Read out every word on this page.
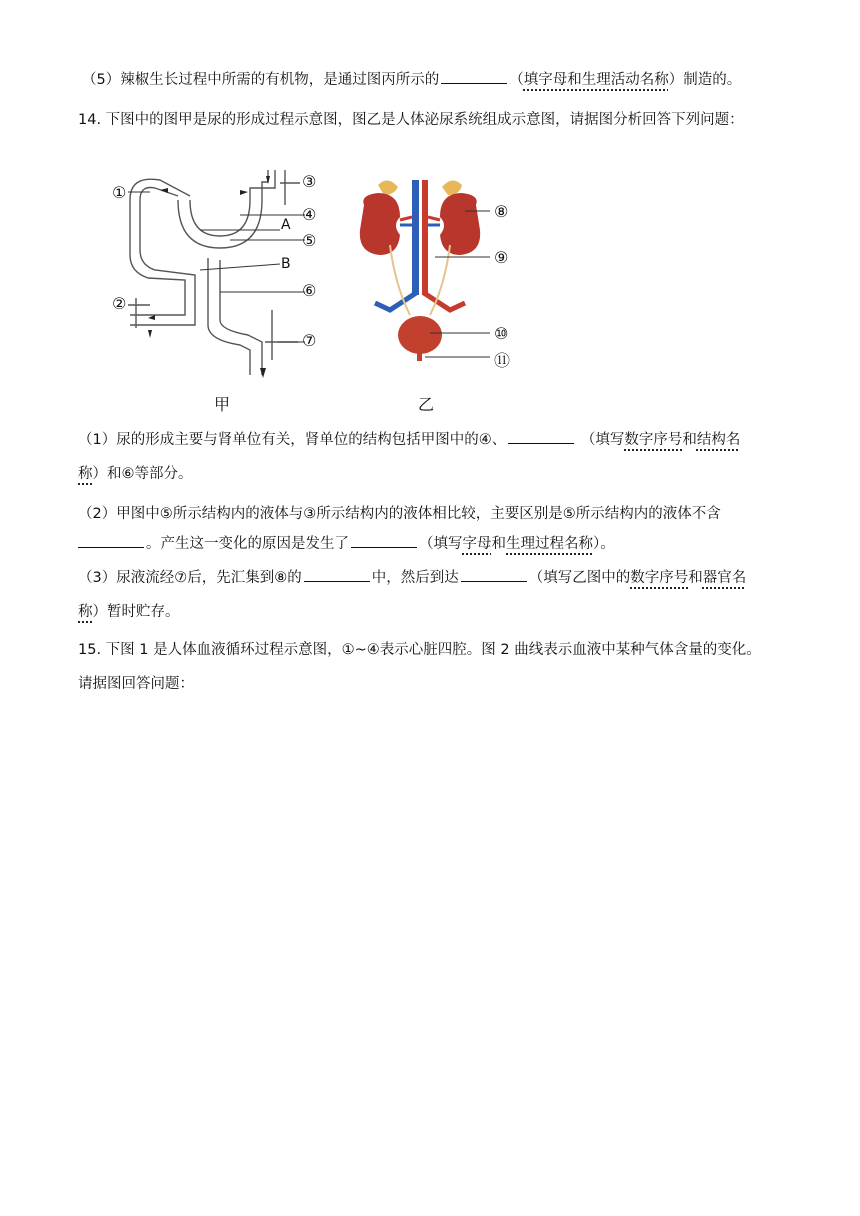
（5）辣椒生长过程中所需的有机物，是通过图丙所示的	（填字母和生理活动名称）制造的。
14. 下图中的图甲是尿的形成过程示意图，图乙是人体泌尿系统组成示意图，请据图分析回答下列问题：
①
②
③
④
⑤
⑥
⑦
A
B
甲
⑧
⑨
⑩
⑪
乙
（1）尿的形成主要与肾单位有关，肾单位的结构包括甲图中的④、	（填写数字序号和结构名
称）和⑥等部分。
（2）甲图中⑤所示结构内的液体与③所示结构内的液体相比较，主要区别是⑤所示结构内的液体不含
。产生这一变化的原因是发生了	（填写字母和生理过程名称）。
（3）尿液流经⑦后，先汇集到⑧的	中，然后到达	（填写乙图中的数字序号和器官名
称）暂时贮存。
15. 下图 1 是人体血液循环过程示意图，①~④表示心脏四腔。图 2 曲线表示血液中某种气体含量的变化。
请据图回答问题：
